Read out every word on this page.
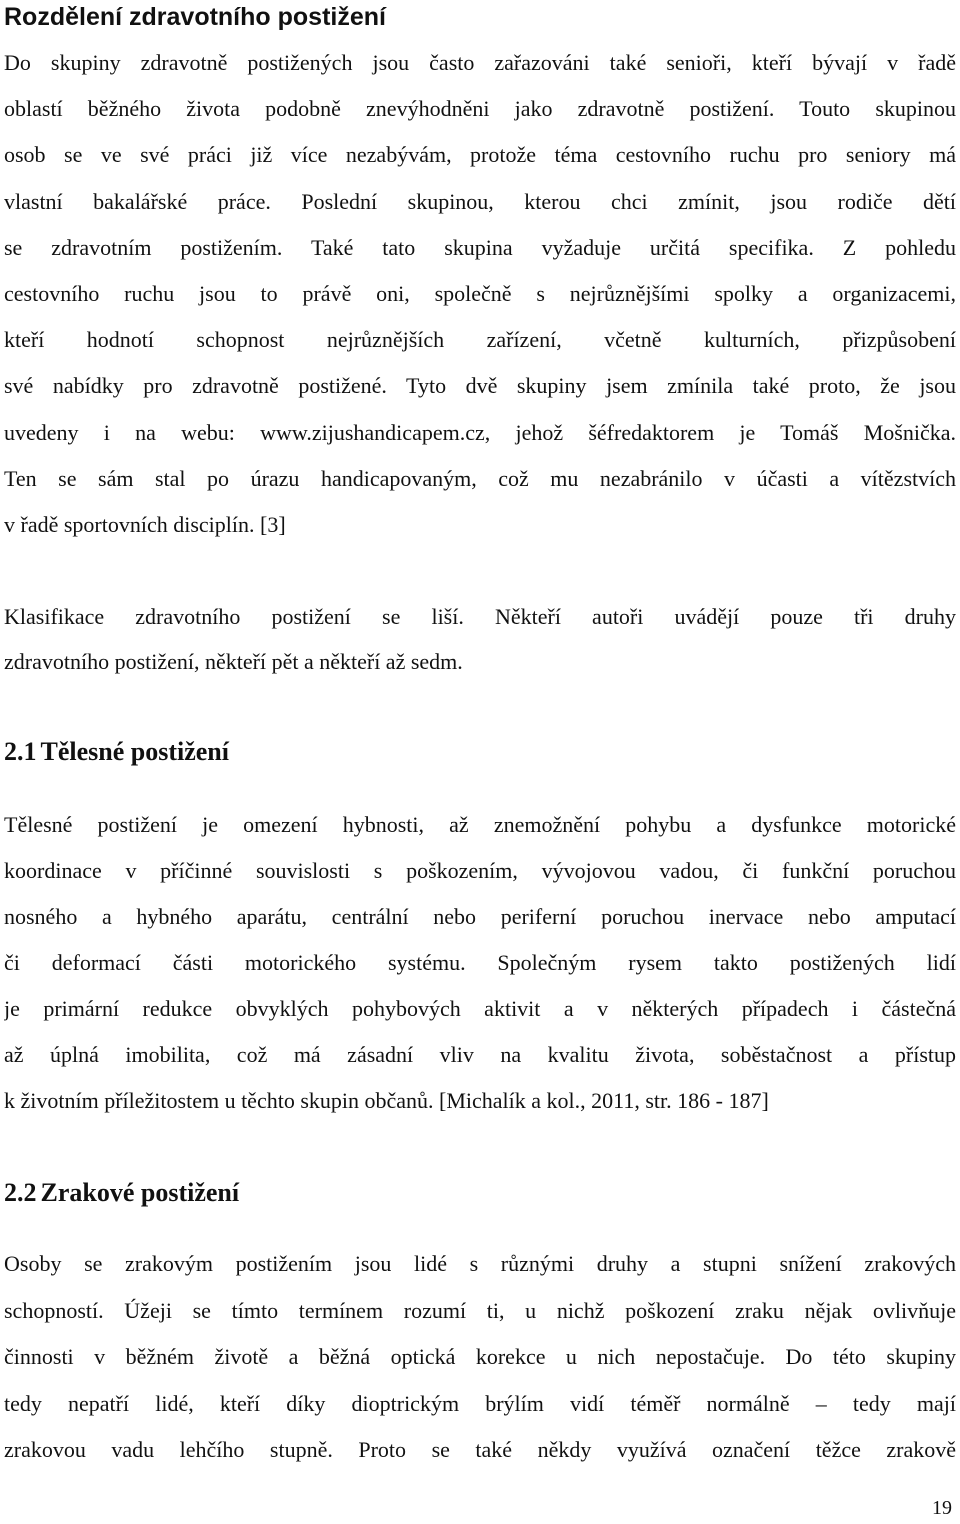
Rozdělení zdravotního postižení
Do skupiny zdravotně postižených jsou často zařazováni také senioři, kteří bývají v řadě
oblastí běžného života podobně znevýhodněni jako zdravotně postižení. Touto skupinou
osob se ve své práci již více nezabývám, protože téma cestovního ruchu pro seniory má
vlastní bakalářské práce. Poslední skupinou, kterou chci zmínit, jsou rodiče dětí
se zdravotním postižením. Také tato skupina vyžaduje určitá specifika. Z pohledu
cestovního ruchu jsou to právě oni, společně s nejrůznějšími spolky a organizacemi,
kteří hodnotí schopnost nejrůznějších zařízení, včetně kulturních, přizpůsobení
své nabídky pro zdravotně postižené. Tyto dvě skupiny jsem zmínila také proto, že jsou
uvedeny i na webu: www.zijushandicapem.cz, jehož šéfredaktorem je Tomáš Mošnička.
Ten se sám stal po úrazu handicapovaným, což mu nezabránilo v účasti a vítězstvích
v řadě sportovních disciplín. [3]
Klasifikace zdravotního postižení se liší. Někteří autoři uvádějí pouze tři druhy
zdravotního postižení, někteří pět a někteří až sedm.
2.1 Tělesné postižení
Tělesné postižení je omezení hybnosti, až znemožnění pohybu a dysfunkce motorické
koordinace v příčinné souvislosti s poškozením, vývojovou vadou, či funkční poruchou
nosného a hybného aparátu, centrální nebo periferní poruchou inervace nebo amputací
či deformací části motorického systému. Společným rysem takto postižených lidí
je primární redukce obvyklých pohybových aktivit a v některých případech i částečná
až úplná imobilita, což má zásadní vliv na kvalitu života, soběstačnost a přístup
k životním příležitostem u těchto skupin občanů. [Michalík a kol., 2011, str. 186 - 187]
2.2 Zrakové postižení
Osoby se zrakovým postižením jsou lidé s různými druhy a stupni snížení zrakových
schopností. Úžeji se tímto termínem rozumí ti, u nichž poškození zraku nějak ovlivňuje
činnosti v běžném životě a běžná optická korekce u nich nepostačuje. Do této skupiny
tedy nepatří lidé, kteří díky dioptrickým brýlím vidí téměř normálně – tedy mají
zrakovou vadu lehčího stupně. Proto se také někdy využívá označení těžce zrakově
19
